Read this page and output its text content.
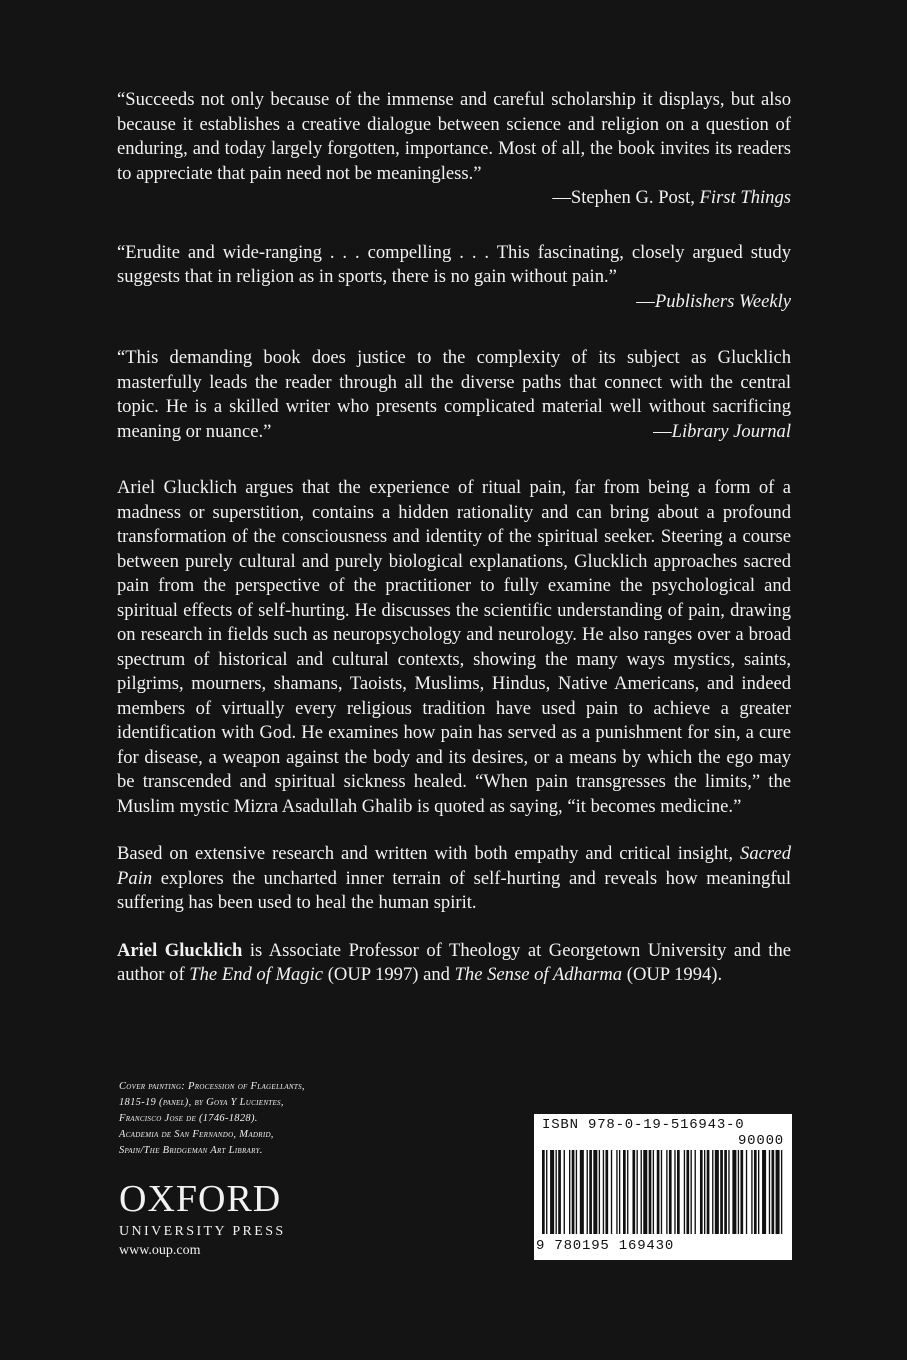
“Succeeds not only because of the immense and careful scholarship it displays, but also because it establishes a creative dialogue between science and religion on a question of enduring, and today largely forgotten, importance. Most of all, the book invites its readers to appreciate that pain need not be meaningless.”

—Stephen G. Post, First Things

“Erudite and wide-ranging . . . compelling . . . This fascinating, closely argued study suggests that in religion as in sports, there is no gain without pain.”

—Publishers Weekly

“This demanding book does justice to the complexity of its subject as Glucklich masterfully leads the reader through all the diverse paths that connect with the central topic. He is a skilled writer who presents complicated material well without sacrificing meaning or nuance.”	—Library Journal

Ariel Glucklich argues that the experience of ritual pain, far from being a form of a madness or superstition, contains a hidden rationality and can bring about a profound transformation of the consciousness and identity of the spiritual seeker. Steering a course between purely cultural and purely biological explanations, Glucklich approaches sacred pain from the perspective of the practitioner to fully examine the psychological and spiritual effects of self-hurting. He discusses the scientific understanding of pain, drawing on research in fields such as neuropsychology and neurology. He also ranges over a broad spectrum of historical and cultural contexts, showing the many ways mystics, saints, pilgrims, mourners, shamans, Taoists, Muslims, Hindus, Native Americans, and indeed members of virtually every religious tradition have used pain to achieve a greater identification with God. He examines how pain has served as a punishment for sin, a cure for disease, a weapon against the body and its desires, or a means by which the ego may be transcended and spiritual sickness healed. “When pain transgresses the limits,” the Muslim mystic Mizra Asadullah Ghalib is quoted as saying, “it becomes medicine.”

Based on extensive research and written with both empathy and critical insight, Sacred Pain explores the uncharted inner terrain of self-hurting and reveals how meaningful suffering has been used to heal the human spirit.

Ariel Glucklich is Associate Professor of Theology at Georgetown University and the author of The End of Magic (OUP 1997) and The Sense of Adharma (OUP 1994).

Cover painting: Procession of Flagellants,
1815-19 (panel), by Goya Y Lucientes,
Francisco Jose de (1746-1828).
Academia de San Fernando, Madrid,
Spain/The Bridgeman Art Library.
OXFORD
UNIVERSITY PRESS
www.oup.com
ISBN 978-0-19-516943-0
90000
9 780195 169430
